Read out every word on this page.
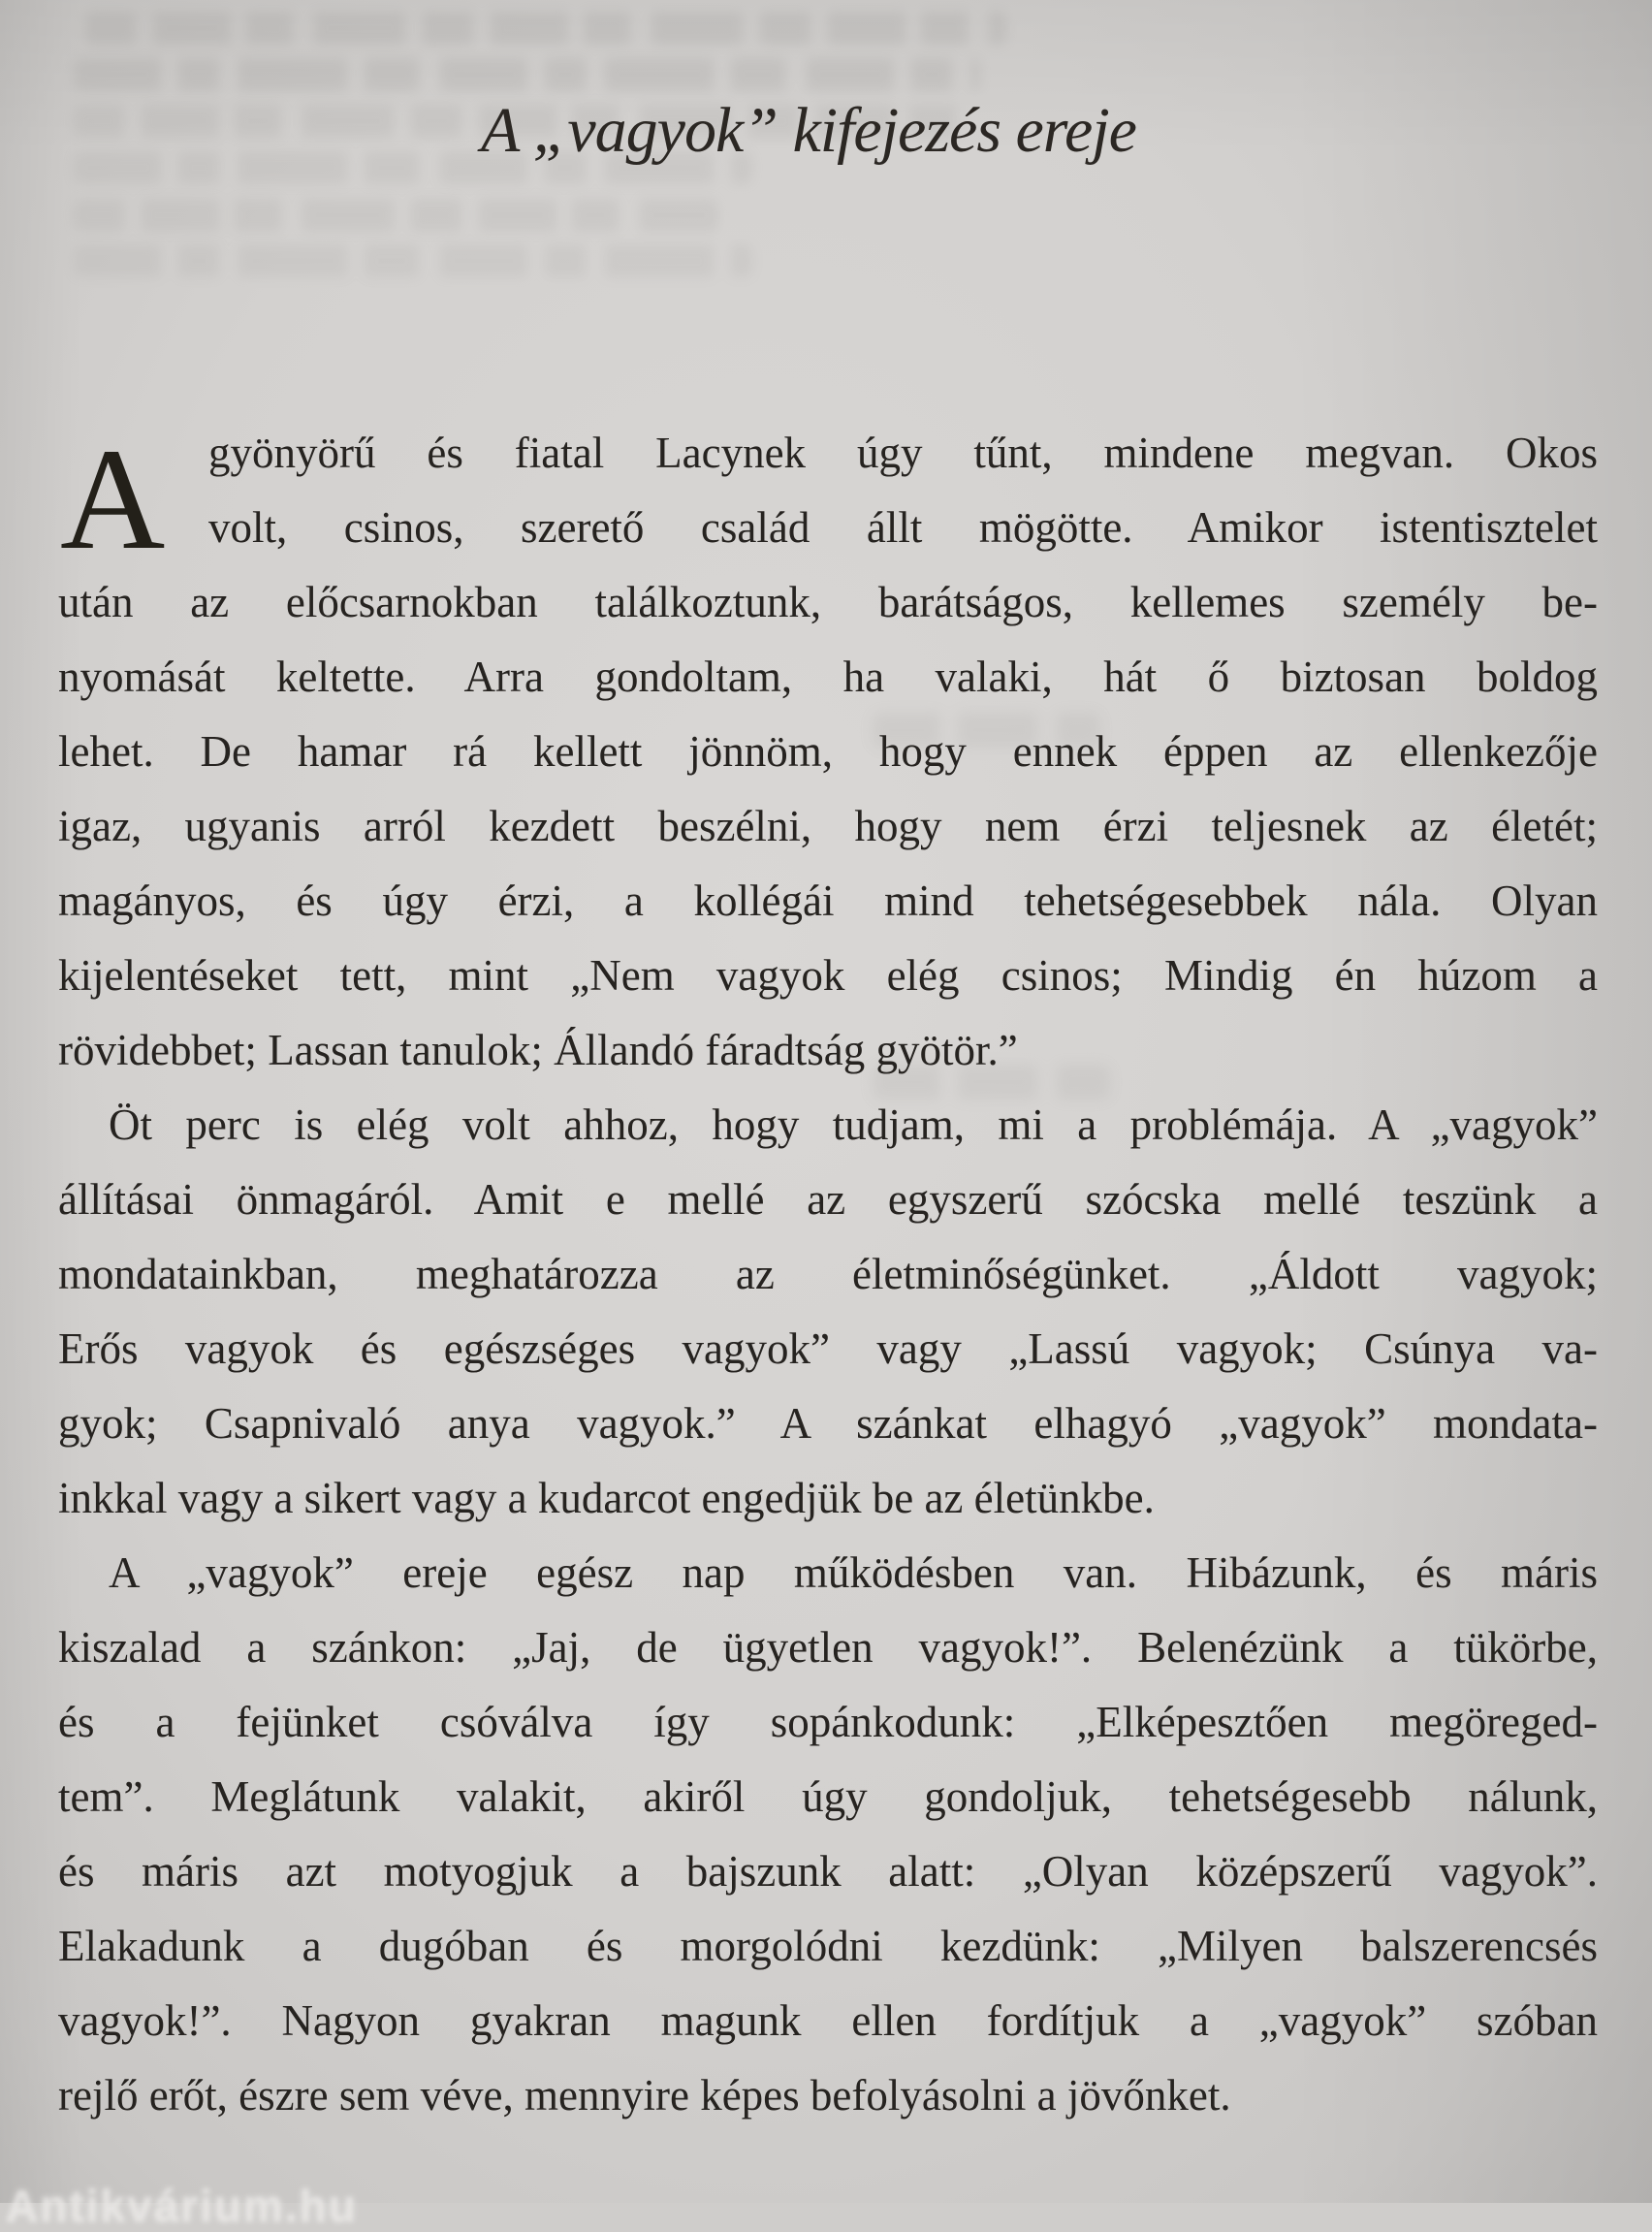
A „vagyok” kifejezés ereje
A gyönyörű és fiatal Lacynek úgy tűnt, mindene megvan. Okos
volt, csinos, szerető család állt mögötte. Amikor istentisztelet
után az előcsarnokban találkoztunk, barátságos, kellemes személy be-
nyomását keltette. Arra gondoltam, ha valaki, hát ő biztosan boldog
lehet. De hamar rá kellett jönnöm, hogy ennek éppen az ellenkezője
igaz, ugyanis arról kezdett beszélni, hogy nem érzi teljesnek az életét;
magányos, és úgy érzi, a kollégái mind tehetségesebbek nála. Olyan
kijelentéseket tett, mint „Nem vagyok elég csinos; Mindig én húzom a
rövidebbet; Lassan tanulok; Állandó fáradtság gyötör.”
Öt perc is elég volt ahhoz, hogy tudjam, mi a problémája. A „vagyok”
állításai önmagáról. Amit e mellé az egyszerű szócska mellé teszünk a
mondatainkban, meghatározza az életminőségünket. „Áldott vagyok;
Erős vagyok és egészséges vagyok” vagy „Lassú vagyok; Csúnya va-
gyok; Csapnivaló anya vagyok.” A szánkat elhagyó „vagyok” mondata-
inkkal vagy a sikert vagy a kudarcot engedjük be az életünkbe.
A „vagyok” ereje egész nap működésben van. Hibázunk, és máris
kiszalad a szánkon: „Jaj, de ügyetlen vagyok!”. Belenézünk a tükörbe,
és a fejünket csóválva így sopánkodunk: „Elképesztően megöreged-
tem”. Meglátunk valakit, akiről úgy gondoljuk, tehetségesebb nálunk,
és máris azt motyogjuk a bajszunk alatt: „Olyan középszerű vagyok”.
Elakadunk a dugóban és morgolódni kezdünk: „Milyen balszerencsés
vagyok!”. Nagyon gyakran magunk ellen fordítjuk a „vagyok” szóban
rejlő erőt, észre sem véve, mennyire képes befolyásolni a jövőnket.
Antikvárium.hu
